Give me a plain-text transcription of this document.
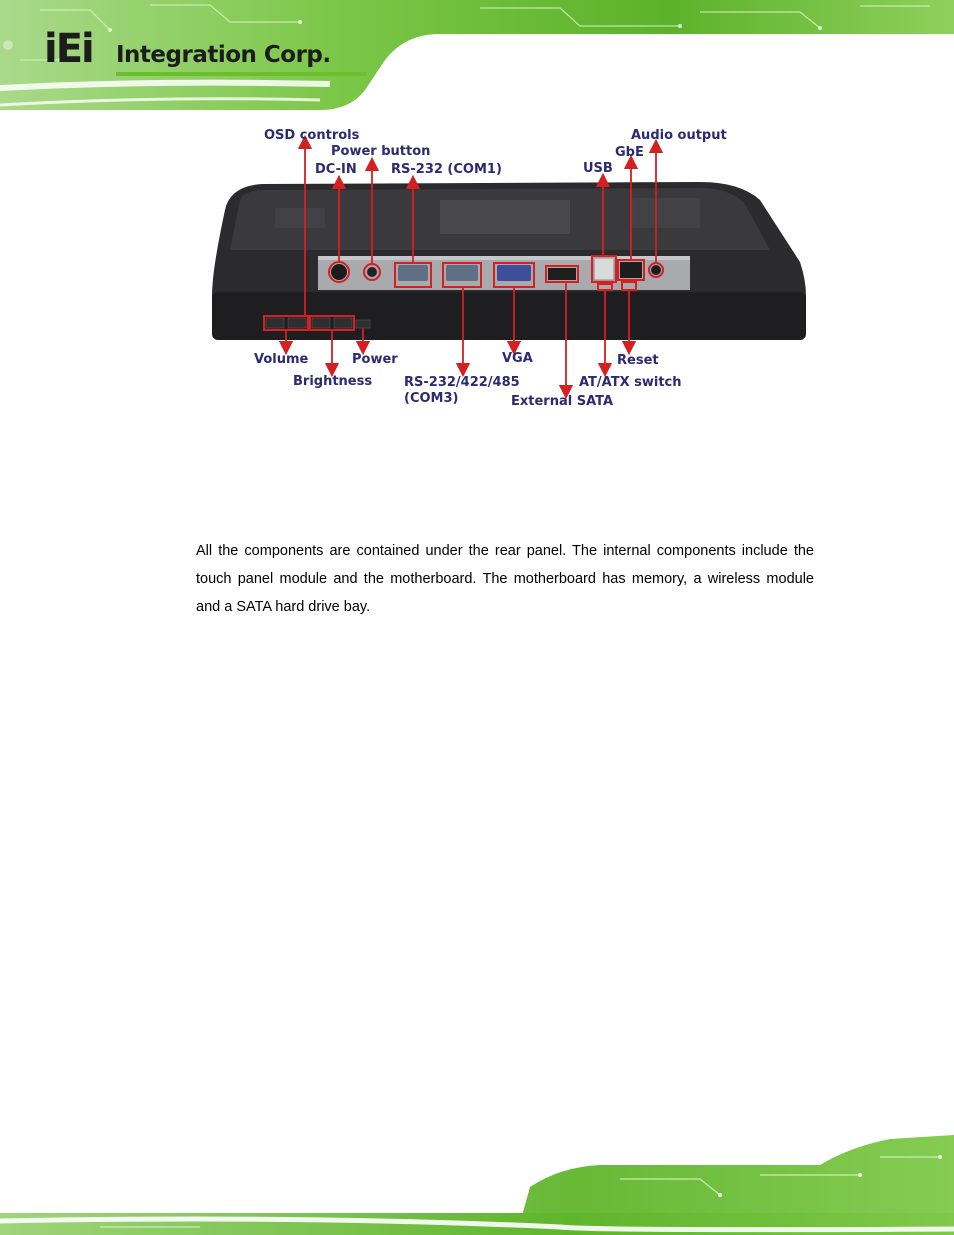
iEi Integration Corp.
OSD controls
Power button
DC-IN	RS-232 (COM1)	USB
GbE
Audio output
Volume	Power
Brightness RS-232/422/485
(COM3)
VGA
External SATA
Reset
AT/ATX switch

All the components are contained under the rear panel. The internal components include the touch panel module and the motherboard. The motherboard has memory, a wireless module and a SATA hard drive bay.
